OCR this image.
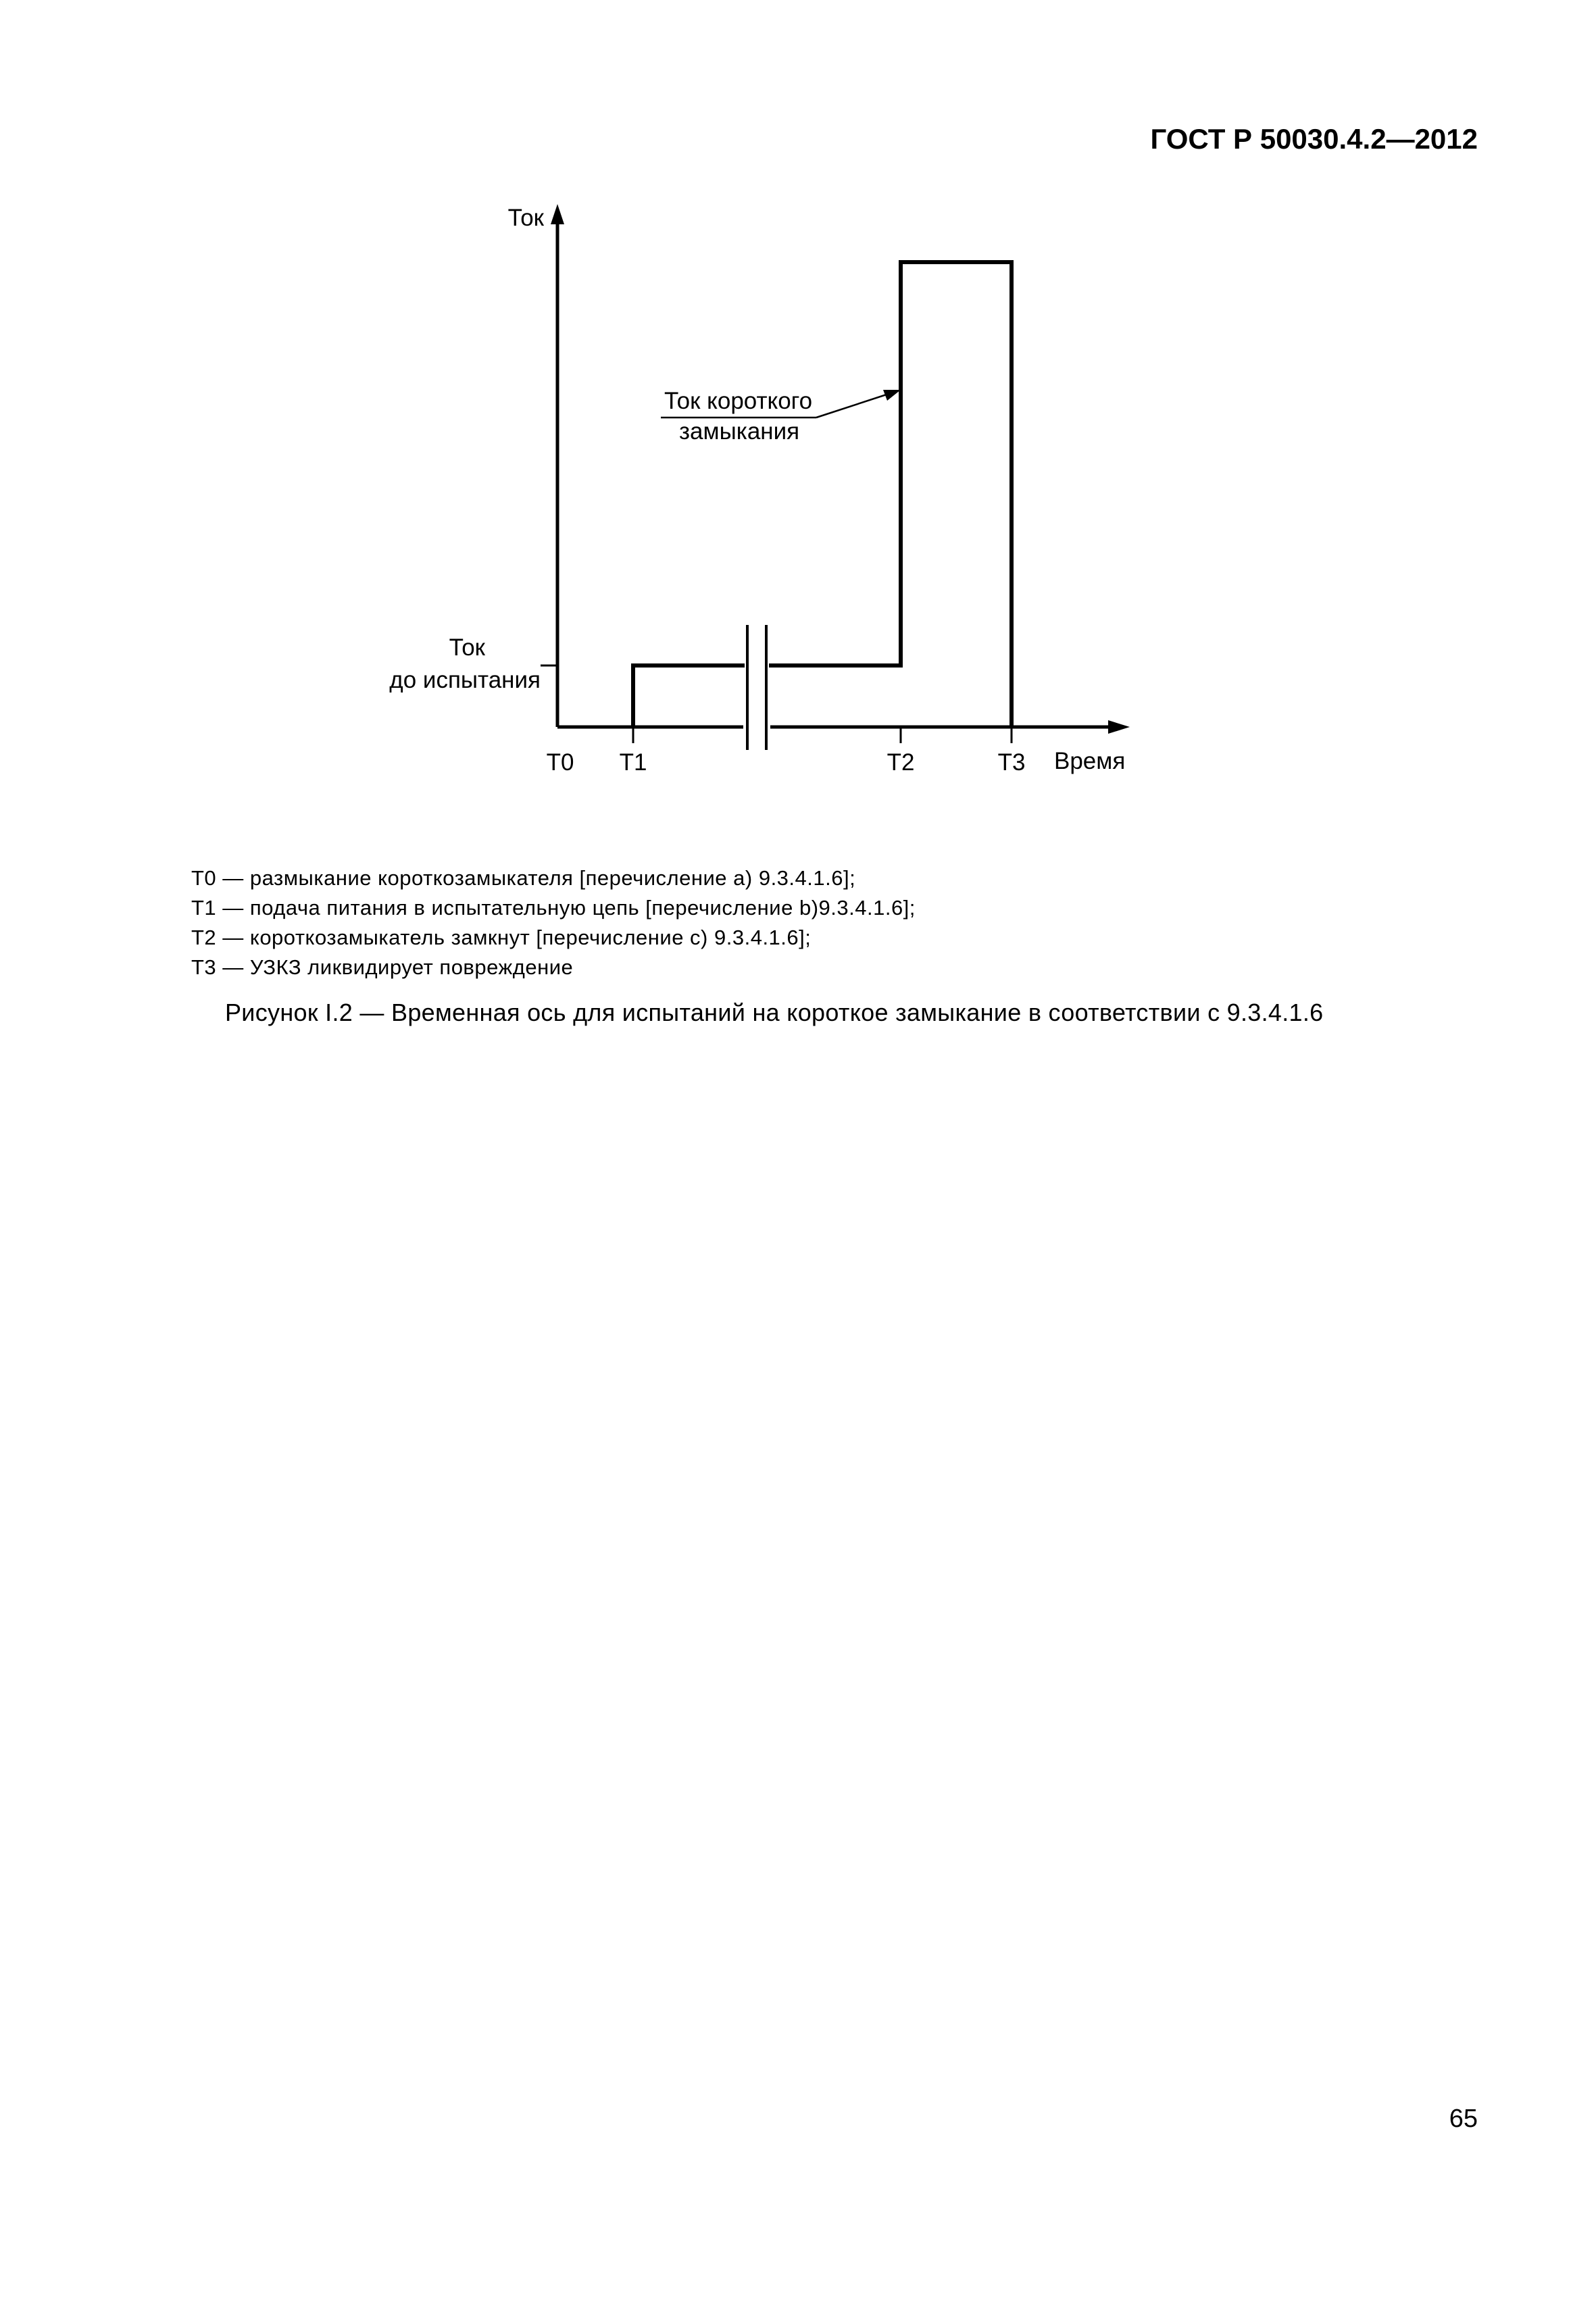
ГОСТ Р 50030.4.2—2012
Ток
Время
Ток
до испытания
T0 T1	T2	T3
Ток короткого
замыкания
T0 — размыкание короткозамыкателя [перечисление а) 9.3.4.1.6];
T1 — подача питания в испытательную цепь [перечисление b)9.3.4.1.6];
T2 — короткозамыкатель замкнут [перечисление с) 9.3.4.1.6];
T3 — УЗКЗ ликвидирует повреждение
Рисунок I.2 — Временная ось для испытаний на короткое замыкание в соответствии с 9.3.4.1.6
65
